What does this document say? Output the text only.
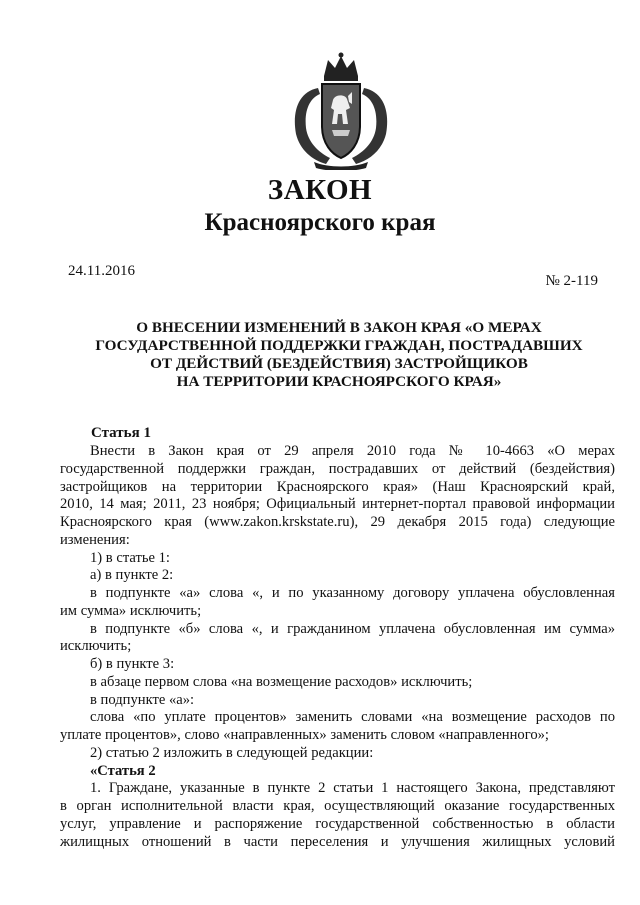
ЗАКОН
Красноярского края
24.11.2016
№ 2-119
О ВНЕСЕНИИ ИЗМЕНЕНИЙ В ЗАКОН КРАЯ «О МЕРАХ
ГОСУДАРСТВЕННОЙ ПОДДЕРЖКИ ГРАЖДАН, ПОСТРАДАВШИХ
ОТ ДЕЙСТВИЙ (БЕЗДЕЙСТВИЯ) ЗАСТРОЙЩИКОВ
НА ТЕРРИТОРИИ КРАСНОЯРСКОГО КРАЯ»
Статья 1
Внести в Закон края от 29 апреля 2010 года № 10-4663 «О мерах
государственной поддержки граждан, пострадавших от действий (бездействия)
застройщиков на территории Красноярского края» (Наш Красноярский край,
2010, 14 мая; 2011, 23 ноября; Официальный интернет-портал правовой информации
Красноярского края (www.zakon.krskstate.ru), 29 декабря 2015 года) следующие
изменения:
1) в статье 1:
а) в пункте 2:
в подпункте «а» слова «, и по указанному договору уплачена обусловленная
им сумма» исключить;
в подпункте «б» слова «, и гражданином уплачена обусловленная им сумма»
исключить;
б) в пункте 3:
в абзаце первом слова «на возмещение расходов» исключить;
в подпункте «а»:
слова «по уплате процентов» заменить словами «на возмещение расходов по
уплате процентов», слово «направленных» заменить словом «направленного»;
2) статью 2 изложить в следующей редакции:
«Статья 2
1. Граждане, указанные в пункте 2 статьи 1 настоящего Закона, представляют
в орган исполнительной власти края, осуществляющий оказание государственных
услуг, управление и распоряжение государственной собственностью в области
жилищных отношений в части переселения и улучшения жилищных условий
